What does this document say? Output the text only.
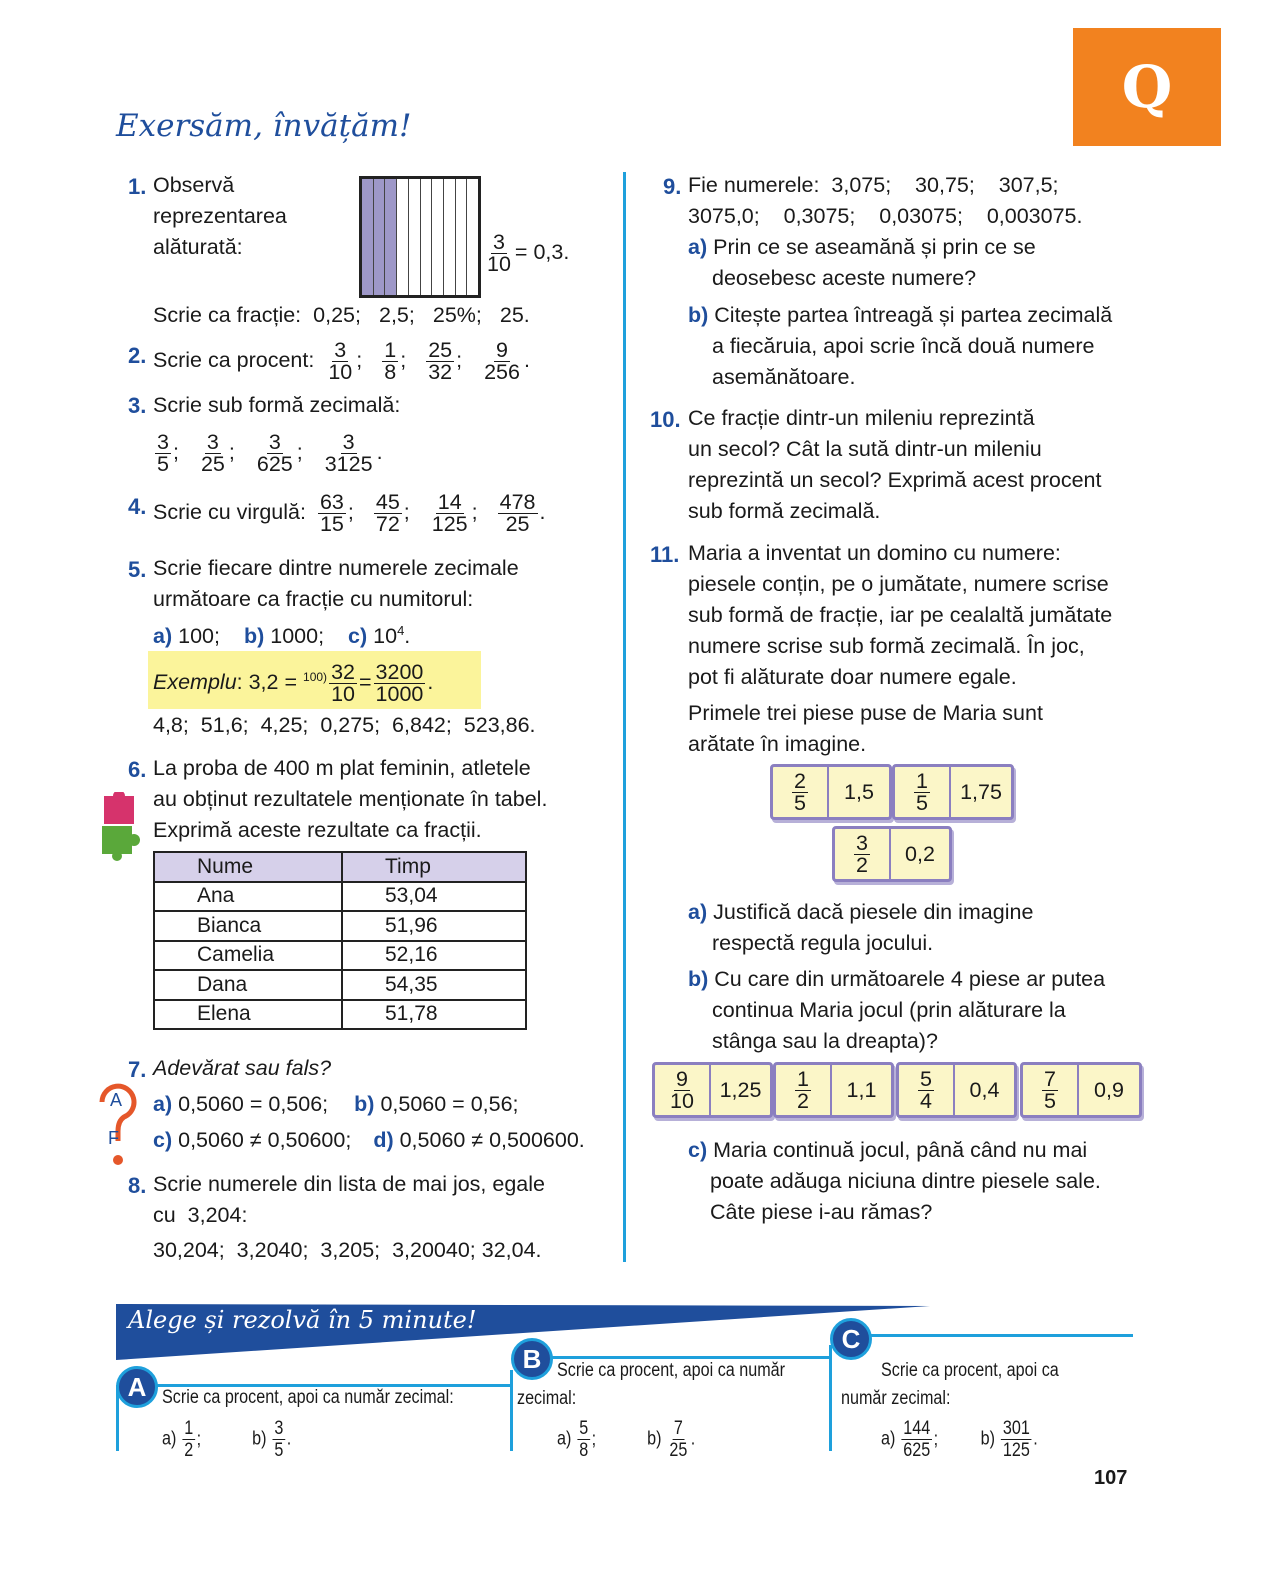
Q
Exersăm, învățăm!
1. Observă
reprezentarea
alăturată:	$\frac{3}{10} = 0,3$.
Scrie ca fracție: 0,25; 2,5; 25%; 25.
2. Scrie ca procent: $\frac{3}{10}$ ; $\frac{1}{8}$ ; $\frac{25}{32}$ ; $\frac{9}{256}$ .
3. Scrie sub formă zecimală:
$\frac{3}{5}$ ; $\frac{3}{25}$ ; $\frac{3}{625}$ ; $\frac{3}{3125}$ .
4. Scrie cu virgulă: $\frac{63}{15}$ ; $\frac{45}{72}$ ; $\frac{14}{125}$ ; $\frac{478}{25}$ .
5. Scrie fiecare dintre numerele zecimale
următoare ca fracție cu numitorul:
a) 100; b) 1000; c) $10^4$.
Exemplu: $3,2 = ^{100)} \frac{32}{10} = \frac{3200}{1000}$ .
4,8;  51,6;  4,25;  0,275;  6,842;  523,86.
6. La proba de 400 m plat feminin, atletele
au obținut rezultatele menționate în tabel.
Exprimă aceste rezultate ca fracții.
Nume	Timp
Ana	53,04
Bianca	51,96
Camelia	52,16
Dana	54,35
Elena	51,78
7. Adevărat sau fals?
A
F
a) 0,5060 = 0,506; b) 0,5060 = 0,56;
c) 0,5060 ≠ 0,50600; d) 0,5060 ≠ 0,500600.
8. Scrie numerele din lista de mai jos, egale
cu  3,204:
30,204;  3,2040;  3,205;  3,20040; 32,04.
9. Fie numerele:  3,075;    30,75;    307,5;
3075,0;    0,3075;    0,03075;    0,003075.
a) Prin ce se aseamănă și prin ce se
deosebesc aceste numere?
b) Citește partea întreagă și partea zecimală
a fiecăruia, apoi scrie încă două numere
asemănătoare.
10. Ce fracție dintr-un mileniu reprezintă
un secol? Cât la sută dintr-un mileniu
reprezintă un secol? Exprimă acest procent
sub formă zecimală.
11. Maria a inventat un domino cu numere:
piesele conțin, pe o jumătate, numere scrise
sub formă de fracție, iar pe cealaltă jumătate
numere scrise sub formă zecimală. În joc,
pot fi alăturate doar numere egale.
Primele trei piese puse de Maria sunt
arătate în imagine.
$\frac{2}{5}$	1,5	$\frac{1}{5}$	1,75
$\frac{3}{2}$	0,2
a) Justifică dacă piesele din imagine
respectă regula jocului.
b) Cu care din următoarele 4 piese ar putea
continua Maria jocul (prin alăturare la
stânga sau la dreapta)?
$\frac{9}{10}$	1,25	$\frac{1}{2}$	1,1	$\frac{5}{4}$	0,4	$\frac{7}{5}$	0,9
c) Maria continuă jocul, până când nu mai
poate adăuga niciuna dintre piesele sale.
Câte piese i-au rămas?
Alege și rezolvă în 5 minute!
A
B
C
Scrie ca procent, apoi ca număr zecimal:
$a) \frac{1}{2}$ ;	$b) \frac{3}{5}$ .
Scrie ca procent, apoi ca număr
zecimal:
$a) \frac{5}{8}$ ;	$b) \frac{7}{25}$ .
Scrie ca procent, apoi ca
număr zecimal:
$a) \frac{144}{625}$ ; $b) \frac{301}{125}$ .
107
